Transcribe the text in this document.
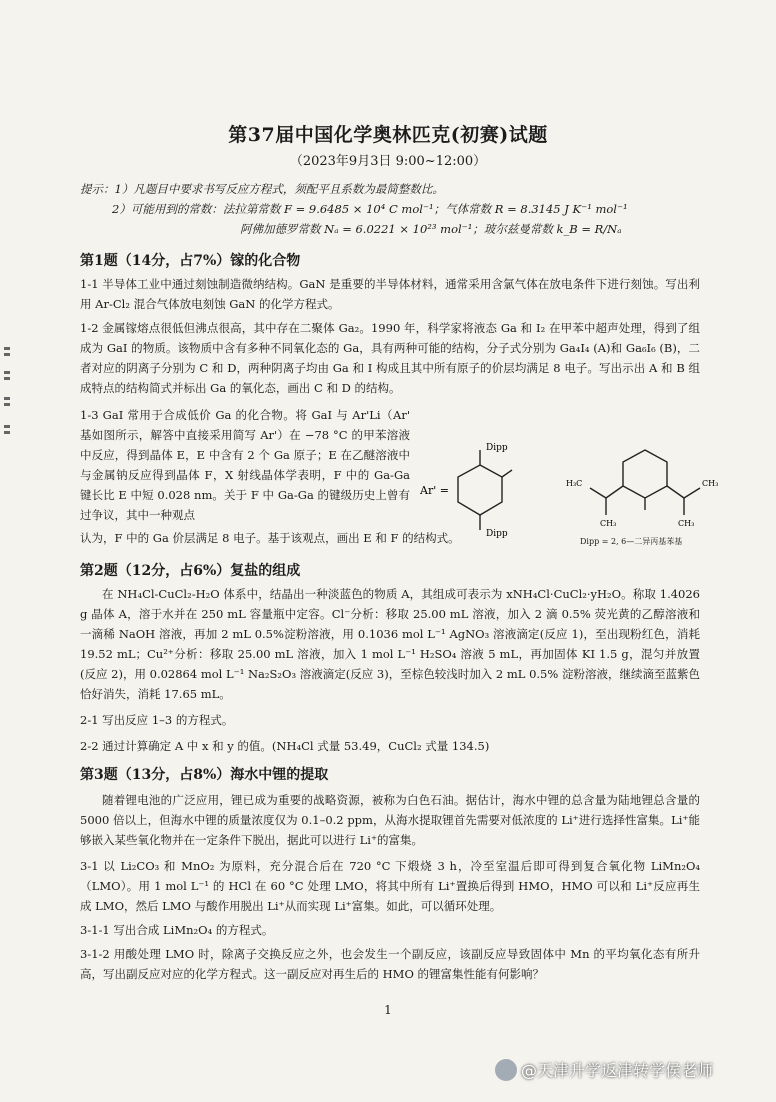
第37届中国化学奥林匹克(初赛)试题
（2023年9月3日 9:00~12:00）
提示：1）凡题目中要求书写反应方程式，须配平且系数为最简整数比。
2）可能用到的常数：法拉第常数 F = 9.6485 × 10⁴ C mol⁻¹；气体常数 R = 8.3145 J K⁻¹ mol⁻¹
阿佛加德罗常数 Nₐ = 6.0221 × 10²³ mol⁻¹；玻尔兹曼常数 k_B = R/Nₐ
第1题（14分，占7%）镓的化合物
1-1 半导体工业中通过刻蚀制造微纳结构。GaN 是重要的半导体材料，通常采用含氯气体在放电条件下进行刻蚀。写出利用 Ar-Cl₂ 混合气体放电刻蚀 GaN 的化学方程式。
1-2 金属镓熔点很低但沸点很高，其中存在二聚体 Ga₂。1990 年，科学家将液态 Ga 和 I₂ 在甲苯中超声处理，得到了组成为 GaI 的物质。该物质中含有多种不同氧化态的 Ga，具有两种可能的结构，分子式分别为 Ga₄I₄ (A)和 Ga₆I₆ (B)，二者对应的阴离子分别为 C 和 D，两种阴离子均由 Ga 和 I 构成且其中所有原子的价层均满足 8 电子。写出示出 A 和 B 组成特点的结构简式并标出 Ga 的氧化态，画出 C 和 D 的结构。
1-3 GaI 常用于合成低价 Ga 的化合物。将 GaI 与 Ar'Li（Ar' 基如图所示，解答中直接采用简写 Ar'）在 −78 °C 的甲苯溶液中反应，得到晶体 E，E 中含有 2 个 Ga 原子；E 在乙醚溶液中与金属钠反应得到晶体 F，X 射线晶体学表明，F 中的 Ga-Ga 键长比 E 中短 0.028 nm。关于 F 中 Ga-Ga 的键级历史上曾有过争议，其中一种观点
认为，F 中的 Ga 价层满足 8 电子。基于该观点，画出 E 和 F 的结构式。
Ar' =
Dipp
Dipp
H₃C
CH₃
CH₃
CH₃
Dipp = 2, 6—二异丙基苯基
第2题（12分，占6%）复盐的组成
在 NH₄Cl-CuCl₂-H₂O 体系中，结晶出一种淡蓝色的物质 A，其组成可表示为 xNH₄Cl·CuCl₂·yH₂O。称取 1.4026 g 晶体 A，溶于水并在 250 mL 容量瓶中定容。Cl⁻分析：移取 25.00 mL 溶液，加入 2 滴 0.5% 荧光黄的乙醇溶液和一滴稀 NaOH 溶液，再加 2 mL 0.5%淀粉溶液，用 0.1036 mol L⁻¹ AgNO₃ 溶液滴定(反应 1)，至出现粉红色，消耗 19.52 mL；Cu²⁺分析：移取 25.00 mL 溶液，加入 1 mol L⁻¹ H₂SO₄ 溶液 5 mL，再加固体 KI 1.5 g，混匀并放置(反应 2)，用 0.02864 mol L⁻¹ Na₂S₂O₃ 溶液滴定(反应 3)，至棕色较浅时加入 2 mL 0.5% 淀粉溶液，继续滴至蓝紫色恰好消失，消耗 17.65 mL。
2-1 写出反应 1–3 的方程式。
2-2 通过计算确定 A 中 x 和 y 的值。(NH₄Cl 式量 53.49，CuCl₂ 式量 134.5)
第3题（13分，占8%）海水中锂的提取
随着锂电池的广泛应用，锂已成为重要的战略资源，被称为白色石油。据估计，海水中锂的总含量为陆地锂总含量的 5000 倍以上，但海水中锂的质量浓度仅为 0.1–0.2 ppm，从海水提取锂首先需要对低浓度的 Li⁺进行选择性富集。Li⁺能够嵌入某些氧化物并在一定条件下脱出，据此可以进行 Li⁺的富集。
3-1 以 Li₂CO₃ 和 MnO₂ 为原料，充分混合后在 720 °C 下煅烧 3 h，冷至室温后即可得到复合氧化物 LiMn₂O₄（LMO）。用 1 mol L⁻¹ 的 HCl 在 60 °C 处理 LMO，将其中所有 Li⁺置换后得到 HMO，HMO 可以和 Li⁺反应再生成 LMO，然后 LMO 与酸作用脱出 Li⁺从而实现 Li⁺富集。如此，可以循环处理。
3-1-1 写出合成 LiMn₂O₄ 的方程式。
3-1-2 用酸处理 LMO 时，除离子交换反应之外，也会发生一个副反应，该副反应导致固体中 Mn 的平均氧化态有所升高，写出副反应对应的化学方程式。这一副反应对再生后的 HMO 的锂富集性能有何影响？
1
@天津升学返津转学侯老师
